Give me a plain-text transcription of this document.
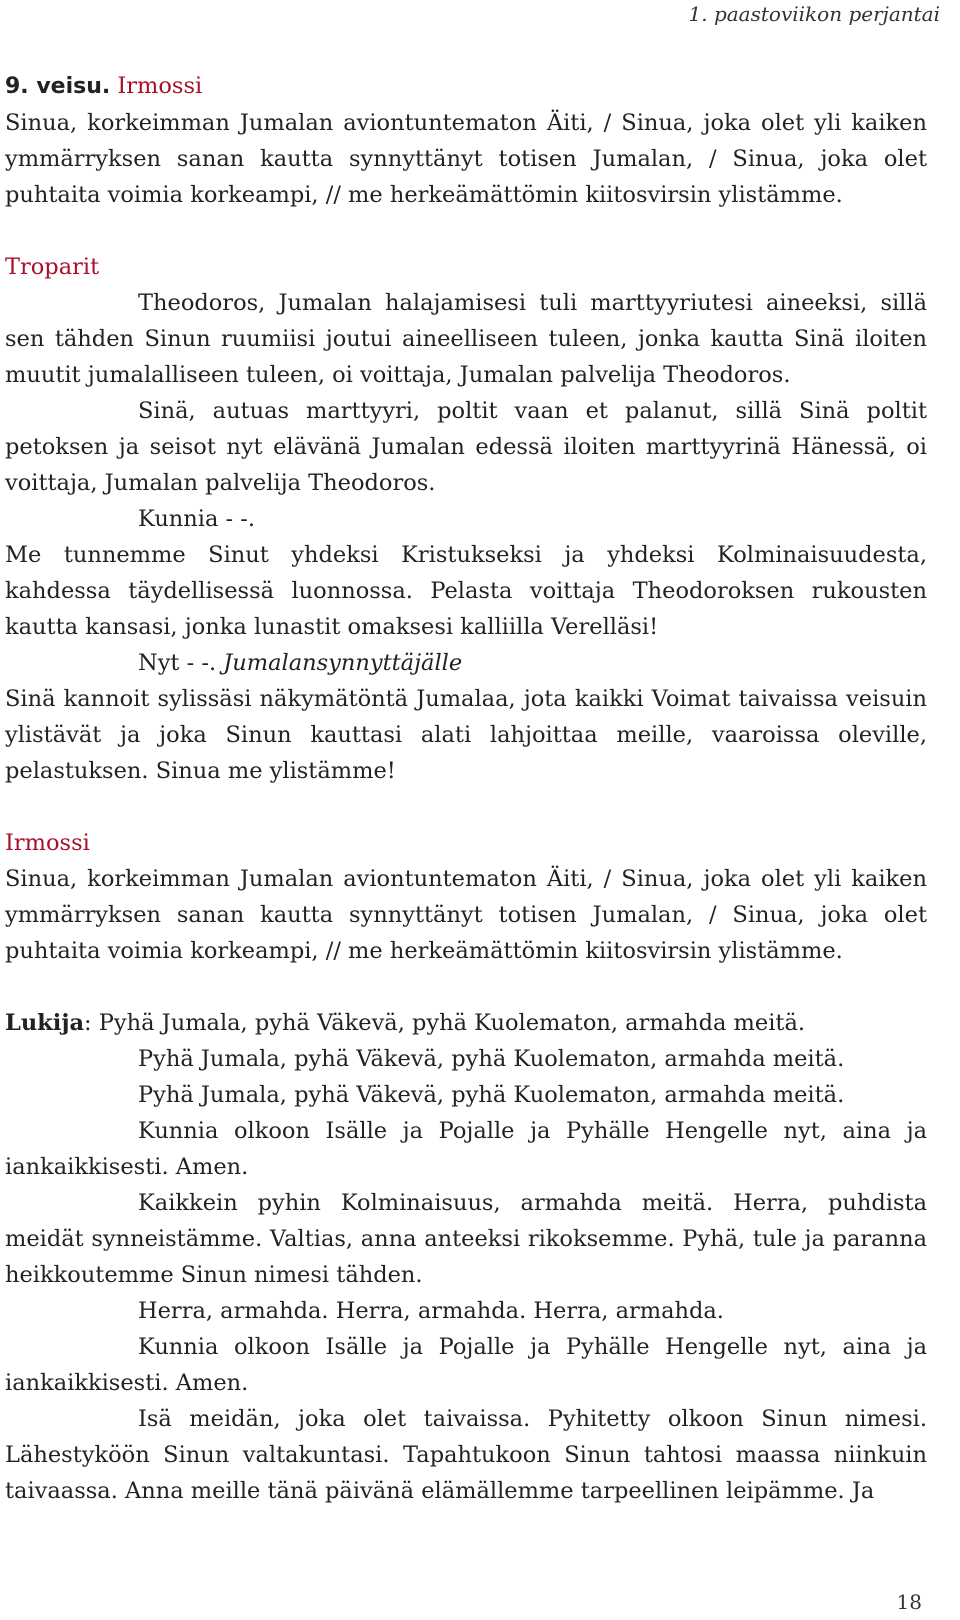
1. paastoviikon perjantai

9. veisu. Irmossi

Sinua, korkeimman Jumalan aviontuntematon Äiti, / Sinua, joka olet yli kaiken ymmärryksen sanan kautta synnyttänyt totisen Jumalan, / Sinua, joka olet puhtaita voimia korkeampi, // me herkeämättömin kiitosvirsin ylistämme.

Troparit

Theodoros, Jumalan halajamisesi tuli marttyyriutesi aineeksi, sillä sen tähden Sinun ruumiisi joutui aineelliseen tuleen, jonka kautta Sinä iloiten muutit jumalalliseen tuleen, oi voittaja, Jumalan palvelija Theodoros.

Sinä, autuas marttyyri, poltit vaan et palanut, sillä Sinä poltit petoksen ja seisot nyt elävänä Jumalan edessä iloiten marttyyrinä Hänessä, oi voittaja, Jumalan palvelija Theodoros.

Kunnia - -.

Me tunnemme Sinut yhdeksi Kristukseksi ja yhdeksi Kolminaisuudesta, kahdessa täydellisessä luonnossa. Pelasta voittaja Theodoroksen rukousten kautta kansasi, jonka lunastit omaksesi kalliilla Verelläsi!

Nyt - -. Jumalansynnyttäjälle

Sinä kannoit sylissäsi näkymätöntä Jumalaa, jota kaikki Voimat taivaissa veisuin ylistävät ja joka Sinun kauttasi alati lahjoittaa meille, vaaroissa oleville, pelastuksen. Sinua me ylistämme!

Irmossi

Sinua, korkeimman Jumalan aviontuntematon Äiti, / Sinua, joka olet yli kaiken ymmärryksen sanan kautta synnyttänyt totisen Jumalan, / Sinua, joka olet puhtaita voimia korkeampi, // me herkeämättömin kiitosvirsin ylistämme.

Lukija: Pyhä Jumala, pyhä Väkevä, pyhä Kuolematon, armahda meitä.

Pyhä Jumala, pyhä Väkevä, pyhä Kuolematon, armahda meitä.

Pyhä Jumala, pyhä Väkevä, pyhä Kuolematon, armahda meitä.

Kunnia olkoon Isälle ja Pojalle ja Pyhälle Hengelle nyt, aina ja iankaikkisesti. Amen.

Kaikkein pyhin Kolminaisuus, armahda meitä. Herra, puhdista meidät synneistämme. Valtias, anna anteeksi rikoksemme. Pyhä, tule ja paranna heikkoutemme Sinun nimesi tähden.

Herra, armahda. Herra, armahda. Herra, armahda.

Kunnia olkoon Isälle ja Pojalle ja Pyhälle Hengelle nyt, aina ja iankaikkisesti. Amen.

Isä meidän, joka olet taivaissa. Pyhitetty olkoon Sinun nimesi. Lähestyköön Sinun valtakuntasi. Tapahtukoon Sinun tahtosi maassa niinkuin taivaassa. Anna meille tänä päivänä elämällemme tarpeellinen leipämme. Ja

18
